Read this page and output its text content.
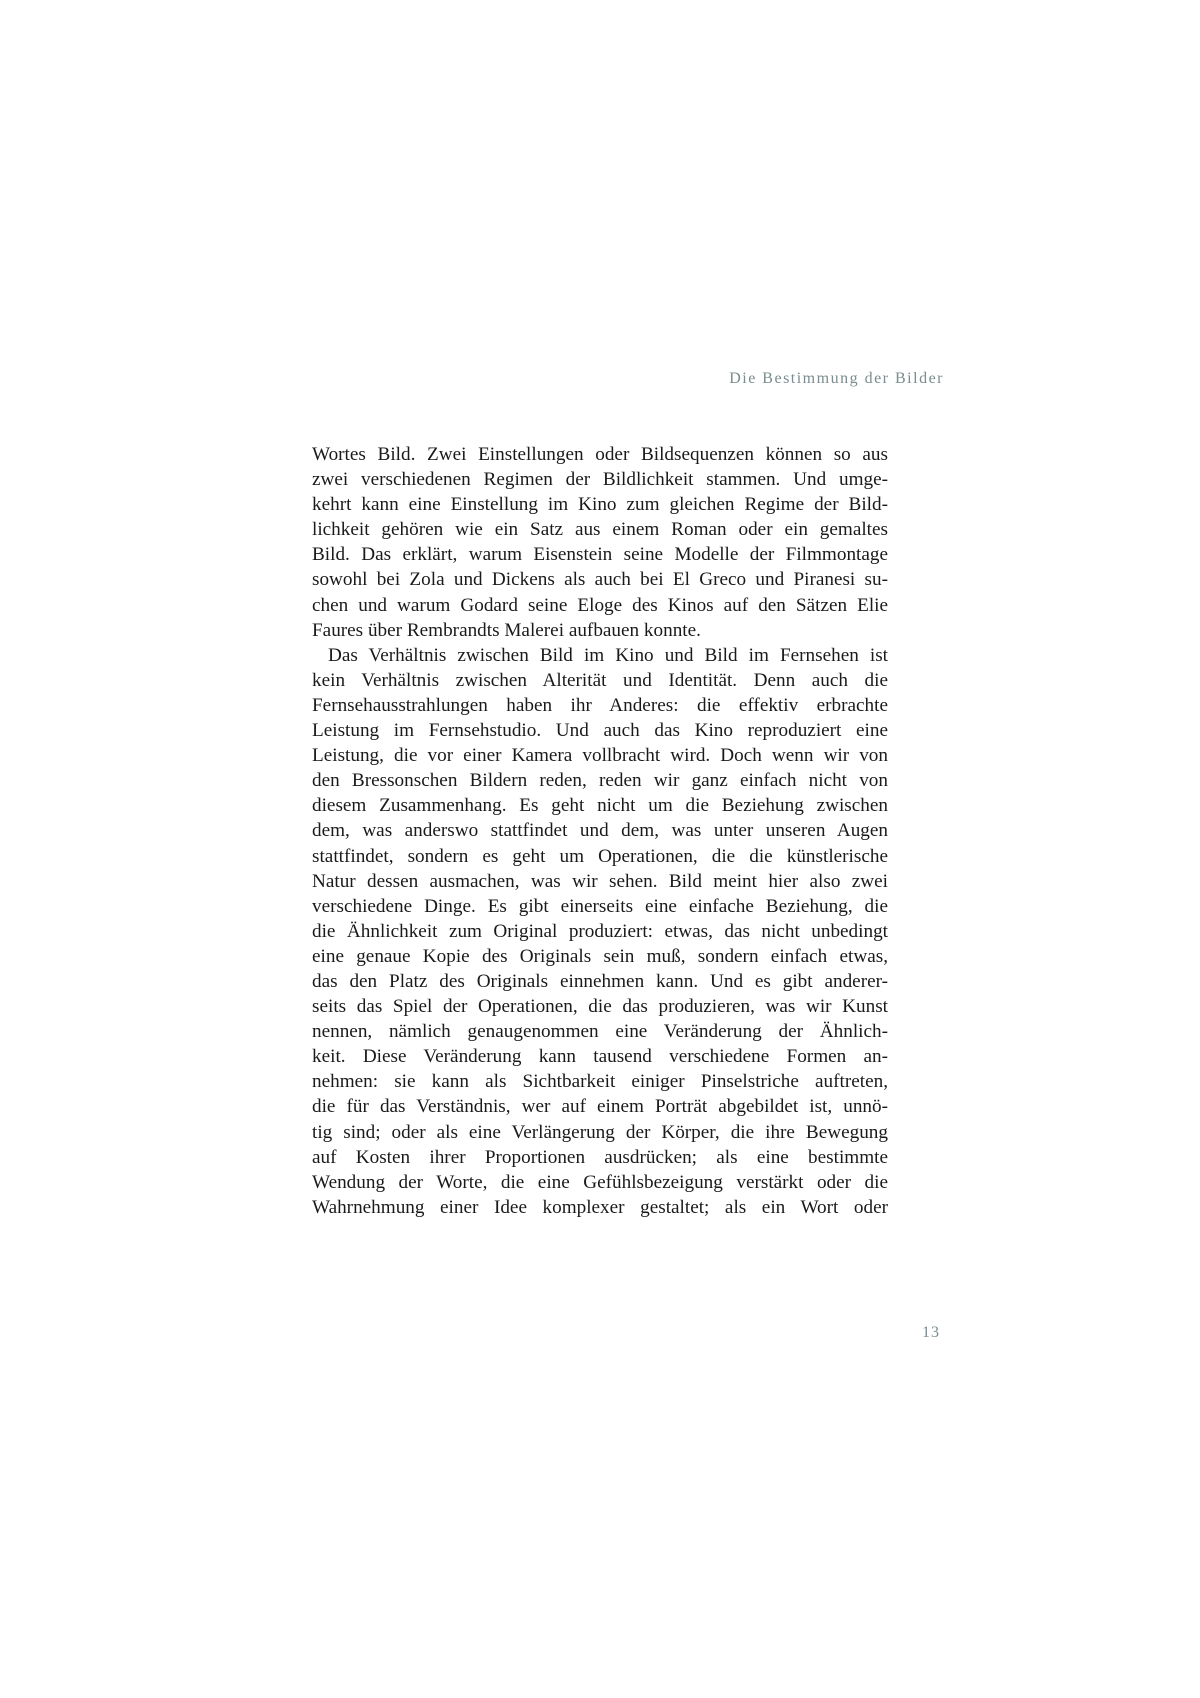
Die Bestimmung der Bilder
Wortes Bild. Zwei Einstellungen oder Bildsequenzen können so aus
zwei verschiedenen Regimen der Bildlichkeit stammen. Und umge-
kehrt kann eine Einstellung im Kino zum gleichen Regime der Bild-
lichkeit gehören wie ein Satz aus einem Roman oder ein gemaltes
Bild. Das erklärt, warum Eisenstein seine Modelle der Filmmontage
sowohl bei Zola und Dickens als auch bei El Greco und Piranesi su-
chen und warum Godard seine Eloge des Kinos auf den Sätzen Elie
Faures über Rembrandts Malerei aufbauen konnte.
Das Verhältnis zwischen Bild im Kino und Bild im Fernsehen ist
kein Verhältnis zwischen Alterität und Identität. Denn auch die
Fernsehausstrahlungen haben ihr Anderes: die effektiv erbrachte
Leistung im Fernsehstudio. Und auch das Kino reproduziert eine
Leistung, die vor einer Kamera vollbracht wird. Doch wenn wir von
den Bressonschen Bildern reden, reden wir ganz einfach nicht von
diesem Zusammenhang. Es geht nicht um die Beziehung zwischen
dem, was anderswo stattfindet und dem, was unter unseren Augen
stattfindet, sondern es geht um Operationen, die die künstlerische
Natur dessen ausmachen, was wir sehen. Bild meint hier also zwei
verschiedene Dinge. Es gibt einerseits eine einfache Beziehung, die
die Ähnlichkeit zum Original produziert: etwas, das nicht unbedingt
eine genaue Kopie des Originals sein muß, sondern einfach etwas,
das den Platz des Originals einnehmen kann. Und es gibt anderer-
seits das Spiel der Operationen, die das produzieren, was wir Kunst
nennen, nämlich genaugenommen eine Veränderung der Ähnlich-
keit. Diese Veränderung kann tausend verschiedene Formen an-
nehmen: sie kann als Sichtbarkeit einiger Pinselstriche auftreten,
die für das Verständnis, wer auf einem Porträt abgebildet ist, unnö-
tig sind; oder als eine Verlängerung der Körper, die ihre Bewegung
auf Kosten ihrer Proportionen ausdrücken; als eine bestimmte
Wendung der Worte, die eine Gefühlsbezeigung verstärkt oder die
Wahrnehmung einer Idee komplexer gestaltet; als ein Wort oder
13
